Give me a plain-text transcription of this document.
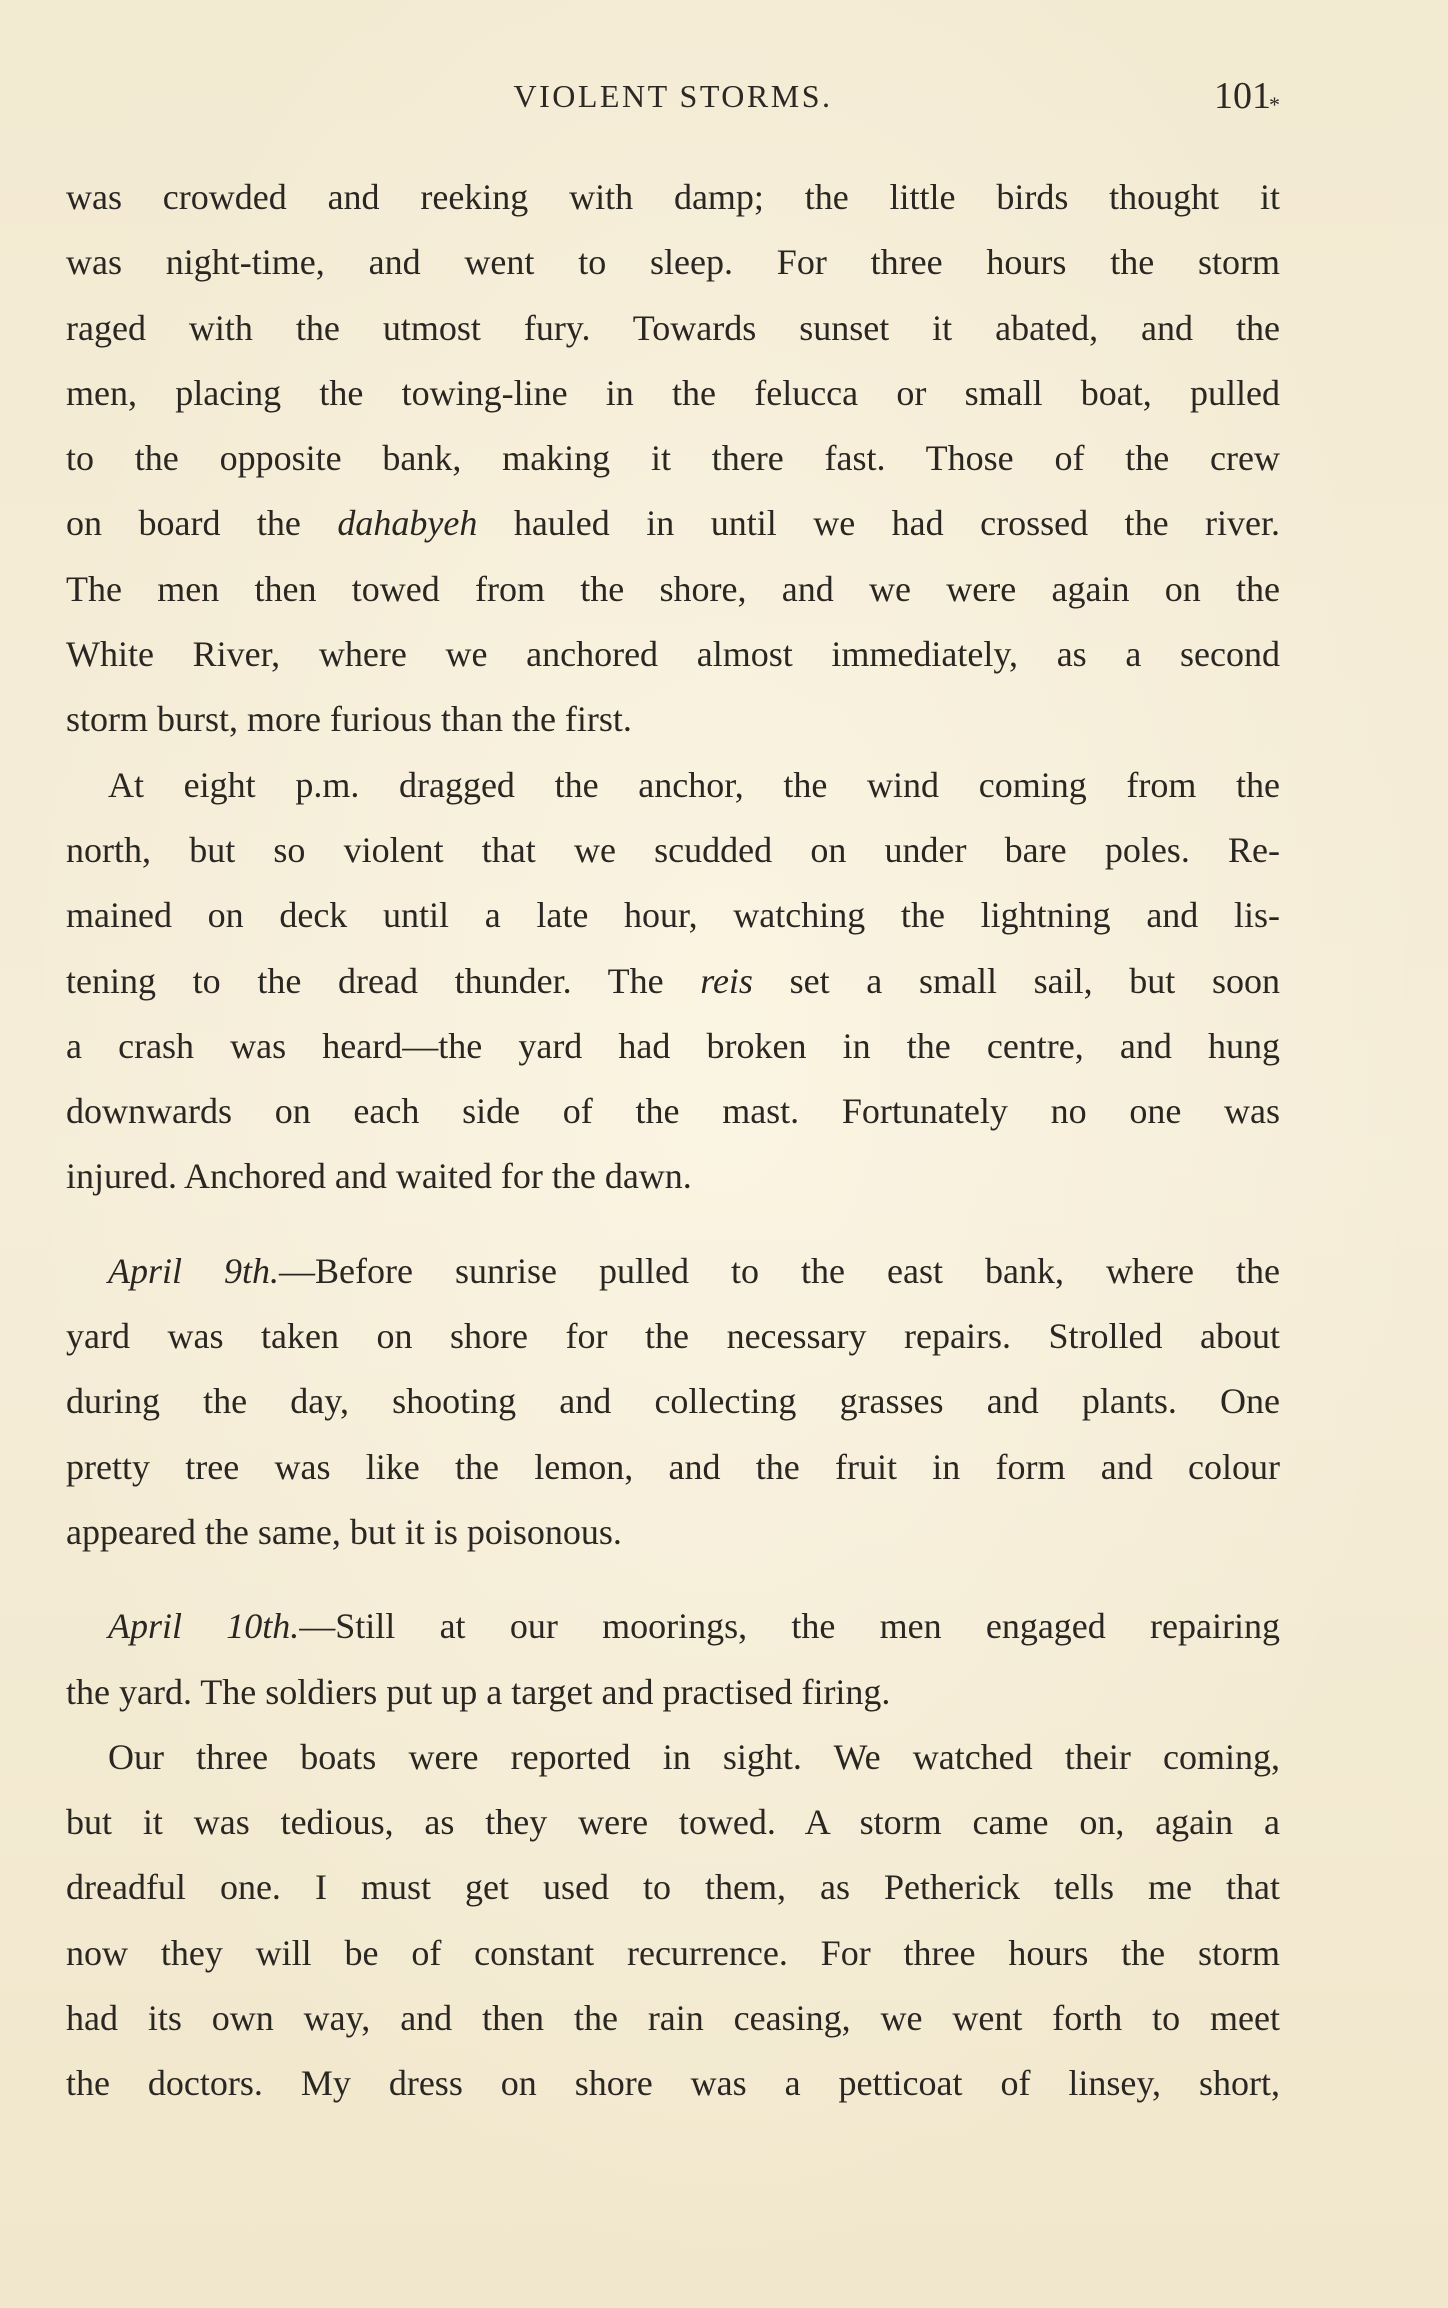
VIOLENT STORMS.	101*
was crowded and reeking with damp; the little birds thought it
was night-time, and went to sleep. For three hours the storm
raged with the utmost fury. Towards sunset it abated, and the
men, placing the towing-line in the felucca or small boat, pulled
to the opposite bank, making it there fast. Those of the crew
on board the dahabyeh hauled in until we had crossed the river.
The men then towed from the shore, and we were again on the
White River, where we anchored almost immediately, as a second
storm burst, more furious than the first.
At eight p.m. dragged the anchor, the wind coming from the
north, but so violent that we scudded on under bare poles. Re-
mained on deck until a late hour, watching the lightning and lis-
tening to the dread thunder. The reis set a small sail, but soon
a crash was heard—the yard had broken in the centre, and hung
downwards on each side of the mast. Fortunately no one was
injured. Anchored and waited for the dawn.
April 9th.—Before sunrise pulled to the east bank, where the
yard was taken on shore for the necessary repairs. Strolled about
during the day, shooting and collecting grasses and plants. One
pretty tree was like the lemon, and the fruit in form and colour
appeared the same, but it is poisonous.
April 10th.—Still at our moorings, the men engaged repairing
the yard. The soldiers put up a target and practised firing.
Our three boats were reported in sight. We watched their coming,
but it was tedious, as they were towed. A storm came on, again a
dreadful one. I must get used to them, as Petherick tells me that
now they will be of constant recurrence. For three hours the storm
had its own way, and then the rain ceasing, we went forth to meet
the doctors. My dress on shore was a petticoat of linsey, short,
